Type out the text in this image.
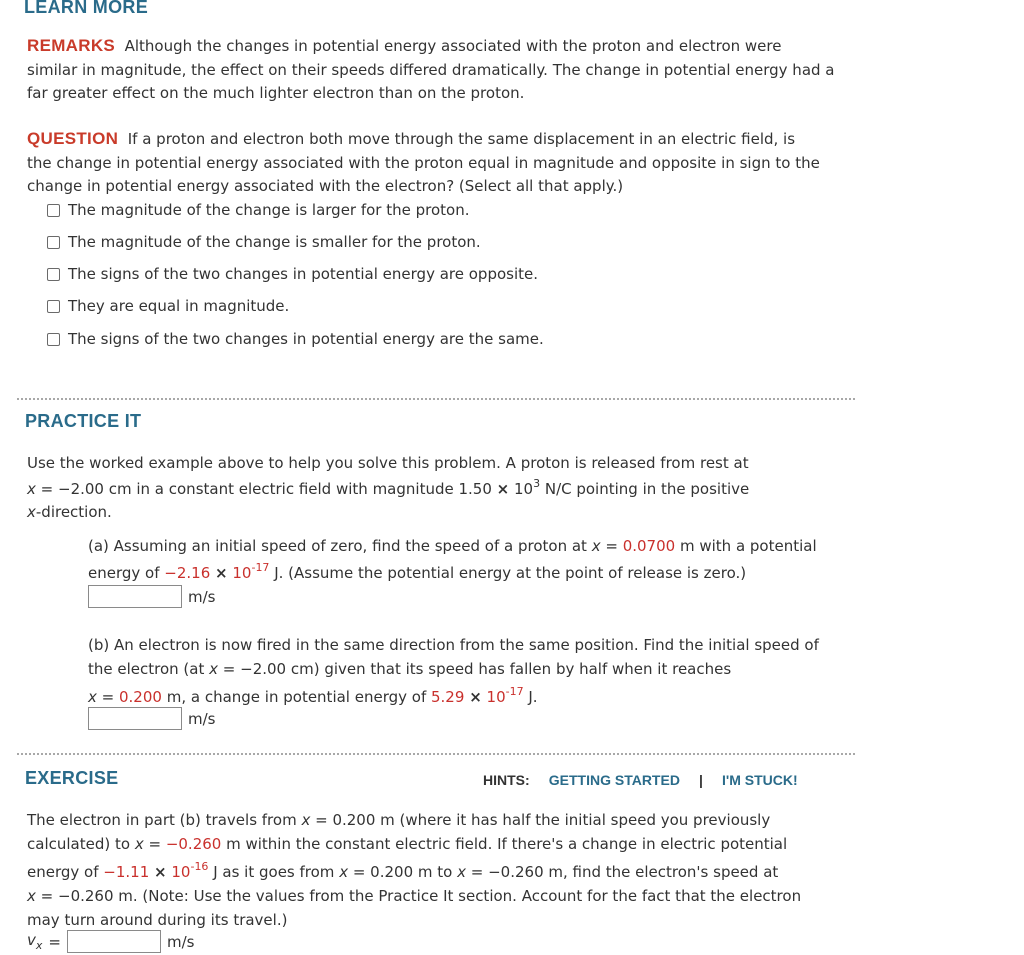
LEARN MORE
REMARKS Although the changes in potential energy associated with the proton and electron were
similar in magnitude, the effect on their speeds differed dramatically. The change in potential energy had a
far greater effect on the much lighter electron than on the proton.
QUESTION If a proton and electron both move through the same displacement in an electric field, is
the change in potential energy associated with the proton equal in magnitude and opposite in sign to the
change in potential energy associated with the electron? (Select all that apply.)
The magnitude of the change is larger for the proton.
The magnitude of the change is smaller for the proton.
The signs of the two changes in potential energy are opposite.
They are equal in magnitude.
The signs of the two changes in potential energy are the same.
PRACTICE IT
Use the worked example above to help you solve this problem. A proton is released from rest at
x = −2.00 cm in a constant electric field with magnitude $1.50 \times 10^3$ N/C pointing in the positive
x-direction.
(a) Assuming an initial speed of zero, find the speed of a proton at x = 0.0700 m with a potential
energy of $-2.16 \times 10^{-17}$ J. (Assume the potential energy at the point of release is zero.)
m/s
(b) An electron is now fired in the same direction from the same position. Find the initial speed of
the electron (at x = −2.00 cm) given that its speed has fallen by half when it reaches
x = 0.200 m, a change in potential energy of $5.29 \times 10^{-17}$ J.
m/s
EXERCISE	HINTS: GETTING STARTED | I'M STUCK!
The electron in part (b) travels from x = 0.200 m (where it has half the initial speed you previously
calculated) to x = −0.260 m within the constant electric field. If there's a change in electric potential
energy of $-1.11 \times 10^{-16}$ J as it goes from x = 0.200 m to x = −0.260 m, find the electron's speed at
x = −0.260 m. (Note: Use the values from the Practice It section. Account for the fact that the electron
may turn around during its travel.)
$v_x$ =	m/s
